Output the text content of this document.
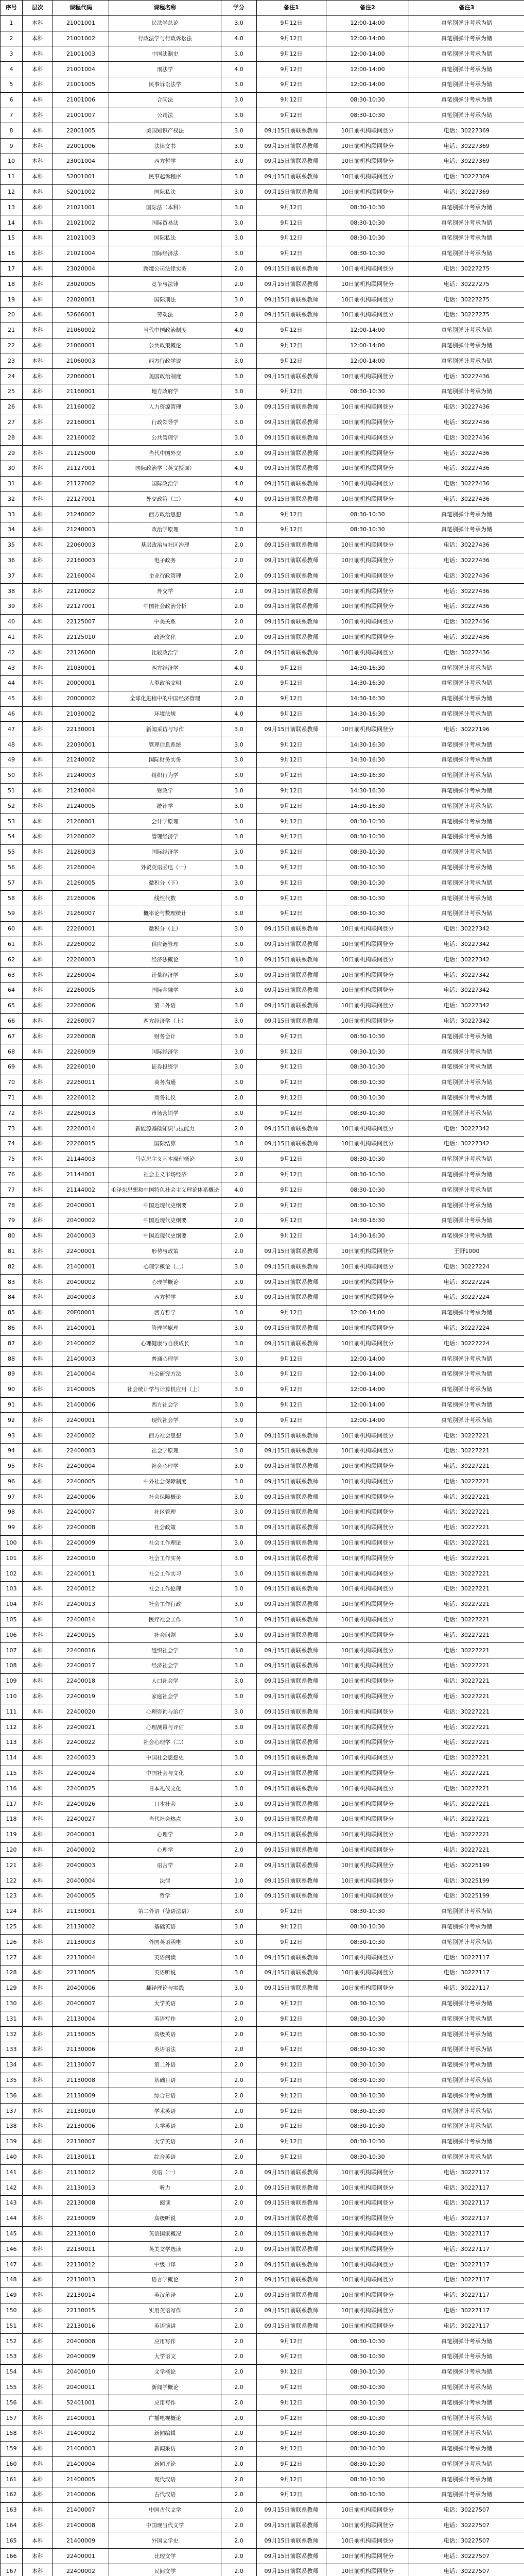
序号	层次	课程代码	课程名称	学分	备注1	备注2	备注3
1	本科	21001001	民法学总论	3.0	9月12日	12:00-14:00	真笔别弹计考承为储
2	本科	21001002	行政法学与行政诉讼法	4.0	9月12日	12:00-14:00	真笔别弹计考承为储
3	本科	21001003	中国法制史	3.0	9月12日	12:00-14:00	真笔别弹计考承为储
4	本科	21001004	刑法学	4.0	9月12日	12:00-14:00	真笔别弹计考承为储
5	本科	21001005	民事诉讼法学	3.0	9月12日	12:00-14:00	真笔别弹计考承为储
6	本科	21001006	合同法	3.0	9月12日	08:30-10:30	真笔别弹计考承为储
7	本科	21001007	公司法	3.0	9月12日	08:30-10:30	真笔别弹计考承为储
8	本科	22001005	美国知识产权法	3.0	09月15日前联系教师	10日前机构联网登分	电话：30227369
9	本科	22001006	法律文书	3.0	09月15日前联系教师	10日前机构联网登分	电话：30227369
10	本科	23001004	西方哲学	3.0	09月15日前联系教师	10日前机构联网登分	电话：30227369
11	本科	52001001	民事起诉程序	3.0	09月15日前联系教师	10日前机构联网登分	电话：30227369
12	本科	52001002	国际私法	3.0	09月15日前联系教师	10日前机构联网登分	电话：30227369
13	本科	21021001	国际法（本科）	3.0	9月12日	08:30-10:30	真笔别弹计考承为储
14	本科	21021002	国际贸易法	3.0	9月12日	08:30-10:30	真笔别弹计考承为储
15	本科	21021003	国际私法	3.0	9月12日	08:30-10:30	真笔别弹计考承为储
16	本科	21021004	国际经济法	3.0	9月12日	08:30-10:30	真笔别弹计考承为储
17	本科	23020004	跨境公司法律实务	2.0	09月15日前联系教师	10日前机构联网登分	电话：30227275
18	本科	23020005	竞争与法律	2.0	09月15日前联系教师	10日前机构联网登分	电话：30227275
19	本科	22020001	国际刑法	3.0	09月15日前联系教师	10日前机构联网登分	电话：30227275
20	本科	52666001	劳动法	2.0	09月15日前联系教师	10日前机构联网登分	电话：30227275
21	本科	21060002	当代中国政治制度	4.0	9月12日	12:00-14:00	真笔别弹计考承为储
22	本科	21060001	公共政策概论	3.0	9月12日	12:00-14:00	真笔别弹计考承为储
23	本科	21060003	西方行政学说	3.0	9月12日	12:00-14:00	真笔别弹计考承为储
24	本科	22060001	美国政治制度	3.0	09月15日前联系教师	10日前机构联网登分	电话：30227436
25	本科	21160001	地方政府学	3.0	9月12日	08:30-10:30	真笔别弹计考承为储
26	本科	21160002	人力资源管理	3.0	09月15日前联系教师	10日前机构联网登分	电话：30227436
27	本科	22160001	行政领导学	3.0	09月15日前联系教师	10日前机构联网登分	电话：30227436
28	本科	22160002	公共管理学	3.0	09月15日前联系教师	10日前机构联网登分	电话：30227436
29	本科	21125000	当代中国外交	3.0	09月15日前联系教师	10日前机构联网登分	电话：30227436
30	本科	21127001	国际政治学（英文授课）	4.0	09月15日前联系教师	10日前机构联网登分	电话：30227436
31	本科	21127002	国际政治学	4.0	09月15日前联系教师	10日前机构联网登分	电话：30227436
32	本科	22127001	外交政策（二）	4.0	09月15日前联系教师	10日前机构联网登分	电话：30227436
33	本科	21240002	西方政治思想	3.0	9月12日	08:30-10:30	真笔别弹计考承为储
34	本科	21240003	政治学原理	3.0	9月12日	08:30-10:30	真笔别弹计考承为储
35	本科	22060003	基层政治与社区治理	2.0	09月15日前联系教师	10日前机构联网登分	电话：30227436
36	本科	22160003	电子政务	2.0	09月15日前联系教师	10日前机构联网登分	电话：30227436
37	本科	22160004	企业行政管理	2.0	09月15日前联系教师	10日前机构联网登分	电话：30227436
38	本科	22120002	外交学	2.0	09月15日前联系教师	10日前机构联网登分	电话：30227436
39	本科	22127001	中国社会政治分析	2.0	09月15日前联系教师	10日前机构联网登分	电话：30227436
40	本科	22125007	中美关系	2.0	09月15日前联系教师	10日前机构联网登分	电话：30227436
41	本科	22125010	政治文化	2.0	09月15日前联系教师	10日前机构联网登分	电话：30227436
42	本科	22126000	比较政治学	2.0	09月15日前联系教师	10日前机构联网登分	电话：30227436
43	本科	21030001	西方经济学	4.0	9月12日	14:30-16:30	真笔别弹计考承为储
44	本科	20000001	人类政治文明	2.0	9月12日	14:30-16:30	真笔别弹计考承为储
45	本科	20000002	全球化进程中的中国经济管理	2.0	9月12日	14:30-16:30	真笔别弹计考承为储
46	本科	21030002	环境法规	4.0	9月12日	14:30-16:30	真笔别弹计考承为储
47	本科	22130001	新闻采访与写作	3.0	09月15日前联系教师	10日前机构联网登分	电话：30227196
48	本科	22030001	管理信息系统	3.0	9月12日	14:30-16:30	真笔别弹计考承为储
49	本科	21240002	国际财务实务	3.0	9月12日	14:30-16:30	真笔别弹计考承为储
50	本科	21240003	组织行为学	3.0	9月12日	14:30-16:30	真笔别弹计考承为储
51	本科	21240004	财政学	3.0	9月12日	14:30-16:30	真笔别弹计考承为储
52	本科	21240005	统计学	3.0	9月12日	14:30-16:30	真笔别弹计考承为储
53	本科	21260001	会计学原理	3.0	9月12日	08:30-10:30	真笔别弹计考承为储
54	本科	21260002	管理经济学	3.0	9月12日	08:30-10:30	真笔别弹计考承为储
55	本科	21260003	国际经济学	3.0	9月12日	08:30-10:30	真笔别弹计考承为储
56	本科	21260004	外贸英语函电（一）	3.0	9月12日	08:30-10:30	真笔别弹计考承为储
57	本科	21260005	微积分（下）	3.0	9月12日	08:30-10:30	真笔别弹计考承为储
58	本科	21260006	线性代数	3.0	9月12日	08:30-10:30	真笔别弹计考承为储
59	本科	21260007	概率论与数理统计	3.0	9月12日	08:30-10:30	真笔别弹计考承为储
60	本科	22260001	微积分（上）	3.0	09月15日前联系教师	10日前机构联网登分	电话：30227342
61	本科	22260002	供应链管理	3.0	09月15日前联系教师	10日前机构联网登分	电话：30227342
62	本科	22260003	经济法概论	3.0	09月15日前联系教师	10日前机构联网登分	电话：30227342
63	本科	22260004	计量经济学	3.0	09月15日前联系教师	10日前机构联网登分	电话：30227342
64	本科	22260005	国际金融学	3.0	09月15日前联系教师	10日前机构联网登分	电话：30227342
65	本科	22260006	第二外语	3.0	09月15日前联系教师	10日前机构联网登分	电话：30227342
66	本科	22260007	西方经济学（上）	3.0	09月15日前联系教师	10日前机构联网登分	电话：30227342
67	本科	22260008	财务会计	3.0	9月12日	08:30-10:30	真笔别弹计考承为储
68	本科	22260009	国际经济学	3.0	9月12日	08:30-10:30	真笔别弹计考承为储
69	本科	22260010	证券投资学	3.0	9月12日	08:30-10:30	真笔别弹计考承为储
70	本科	22260011	商务沟通	3.0	9月12日	08:30-10:30	真笔别弹计考承为储
71	本科	22260012	商务礼仪	2.0	9月12日	08:30-10:30	真笔别弹计考承为储
72	本科	22260013	市场营销学	3.0	9月12日	08:30-10:30	真笔别弹计考承为储
73	本科	22260014	新能源基础知识与技能力	2.0	09月15日前联系教师	10日前机构联网登分	电话：30227342
74	本科	22260015	国际结算	3.0	09月15日前联系教师	10日前机构联网登分	电话：30227342
75	本科	21144003	马克思主义基本原理概论	3.0	9月12日	08:30-10:30	真笔别弹计考承为储
76	本科	21144001	社会主义市场经济	2.0	9月12日	08:30-10:30	真笔别弹计考承为储
77	本科	21144002	毛泽东思想和中国特色社会主义理论体系概论	4.0	9月12日	08:30-10:30	真笔别弹计考承为储
78	本科	20400001	中国近现代史纲要	2.0	9月12日	08:30-10:30	真笔别弹计考承为储
79	本科	20400002	中国近现代史纲要	2.0	9月12日	14:30-16:30	真笔别弹计考承为储
80	本科	20400003	中国近现代史纲要	2.0	9月12日	14:30-16:30	真笔别弹计考承为储
81	本科	22400001	形势与政策	2.0	09月15日前联系教师	10日前机构联网登分	王野1000
82	本科	21400001	心理学概论（二）	3.0	09月15日前联系教师	10日前机构联网登分	电话：30227224
83	本科	20400002	心理学概论	3.0	09月15日前联系教师	10日前机构联网登分	电话：30227224
84	本科	20400003	西方哲学	3.0	09月15日前联系教师	10日前机构联网登分	电话：30227224
85	本科	20F00001	西方哲学	3.0	9月12日	12:00-14:00	真笔别弹计考承为储
86	本科	21400001	管理学原理	3.0	09月15日前联系教师	10日前机构联网登分	电话：30227224
87	本科	21400002	心理健康与自我成长	3.0	09月15日前联系教师	10日前机构联网登分	电话：30227224
88	本科	21400003	普通心理学	3.0	9月12日	12:00-14:00	真笔别弹计考承为储
89	本科	21400004	社会研究方法	3.0	9月12日	12:00-14:00	真笔别弹计考承为储
90	本科	21400005	社会统计学与计算机应用（上）	3.0	9月12日	12:00-14:00	真笔别弹计考承为储
91	本科	21400006	西方社会学	3.0	9月12日	12:00-14:00	真笔别弹计考承为储
92	本科	22400001	现代社会学	3.0	9月12日	12:00-14:00	真笔别弹计考承为储
93	本科	22400002	西方社会思想	3.0	09月15日前联系教师	10日前机构联网登分	电话：30227221
94	本科	22400003	社会学原理	3.0	09月15日前联系教师	10日前机构联网登分	电话：30227221
95	本科	22400004	社会心理学	3.0	09月15日前联系教师	10日前机构联网登分	电话：30227221
96	本科	22400005	中外社会保障制度	3.0	09月15日前联系教师	10日前机构联网登分	电话：30227221
97	本科	22400006	社会保障概论	3.0	09月15日前联系教师	10日前机构联网登分	电话：30227221
98	本科	22400007	社区管理	3.0	09月15日前联系教师	10日前机构联网登分	电话：30227221
99	本科	22400008	社会政策	3.0	09月15日前联系教师	10日前机构联网登分	电话：30227221
100	本科	22400009	社会工作理论	3.0	09月15日前联系教师	10日前机构联网登分	电话：30227221
101	本科	22400010	社会工作实务	3.0	09月15日前联系教师	10日前机构联网登分	电话：30227221
102	本科	22400011	社会工作实习	3.0	09月15日前联系教师	10日前机构联网登分	电话：30227221
103	本科	22400012	社会工作伦理	3.0	09月15日前联系教师	10日前机构联网登分	电话：30227221
104	本科	22400013	社会工作行政	3.0	09月15日前联系教师	10日前机构联网登分	电话：30227221
105	本科	22400014	医疗社会工作	3.0	09月15日前联系教师	10日前机构联网登分	电话：30227221
106	本科	22400015	社会问题	3.0	09月15日前联系教师	10日前机构联网登分	电话：30227221
107	本科	22400016	组织社会学	3.0	09月15日前联系教师	10日前机构联网登分	电话：30227221
108	本科	22400017	经济社会学	3.0	09月15日前联系教师	10日前机构联网登分	电话：30227221
109	本科	22400018	人口社会学	3.0	09月15日前联系教师	10日前机构联网登分	电话：30227221
110	本科	22400019	家庭社会学	3.0	09月15日前联系教师	10日前机构联网登分	电话：30227221
111	本科	22400020	心理咨询与治疗	3.0	09月15日前联系教师	10日前机构联网登分	电话：30227221
112	本科	22400021	心理测量与评估	3.0	09月15日前联系教师	10日前机构联网登分	电话：30227221
113	本科	22400022	社会心理学（二）	3.0	09月15日前联系教师	10日前机构联网登分	电话：30227221
114	本科	22400023	中国社会思想史	3.0	09月15日前联系教师	10日前机构联网登分	电话：30227221
115	本科	22400024	中国社会与文化	3.0	09月15日前联系教师	10日前机构联网登分	电话：30227221
116	本科	22400025	日本礼仪文化	3.0	09月15日前联系教师	10日前机构联网登分	电话：30227221
117	本科	22400026	日本社会	3.0	09月15日前联系教师	10日前机构联网登分	电话：30227221
118	本科	22400027	当代社会热点	3.0	09月15日前联系教师	10日前机构联网登分	电话：30227221
119	本科	20400001	心理学	2.0	09月15日前联系教师	10日前机构联网登分	电话：30227221
120	本科	20400002	心理学	2.0	09月15日前联系教师	10日前机构联网登分	电话：30227221
121	本科	20400003	语言学	2.0	09月15日前联系教师	10日前机构联网登分	电话：30225199
122	本科	20400004	法律	1.0	09月15日前联系教师	10日前机构联网登分	电话：30225199
123	本科	20400005	哲学	1.0	09月15日前联系教师	10日前机构联网登分	电话：30225199
124	本科	21130001	第二外语（德语法语）	3.0	9月12日	08:30-10:30	真笔别弹计考承为储
125	本科	21130002	基础英语	3.0	9月12日	08:30-10:30	真笔别弹计考承为储
126	本科	21130003	外国英语函电	3.0	9月12日	08:30-10:30	真笔别弹计考承为储
127	本科	22130004	英语阅读	3.0	09月15日前联系教师	10日前机构联网登分	电话：30227117
128	本科	22130005	英语听说	3.0	09月15日前联系教师	10日前机构联网登分	电话：30227117
129	本科	20400006	翻译理论与实践	3.0	09月15日前联系教师	10日前机构联网登分	电话：30227117
130	本科	20400007	大学英语	2.0	9月12日	08:30-10:30	真笔别弹计考承为储
131	本科	21130004	英语写作	2.0	9月12日	08:30-10:30	真笔别弹计考承为储
132	本科	21130005	高级英语	2.0	9月12日	08:30-10:30	真笔别弹计考承为储
133	本科	21130006	英语语法	2.0	9月12日	08:30-10:30	真笔别弹计考承为储
134	本科	21130007	第二外语	2.0	9月12日	08:30-10:30	真笔别弹计考承为储
135	本科	21130008	基础日语	2.0	9月12日	08:30-10:30	真笔别弹计考承为储
136	本科	21130009	综合日语	2.0	9月12日	08:30-10:30	真笔别弹计考承为储
137	本科	21130010	学术英语	2.0	9月12日	08:30-10:30	真笔别弹计考承为储
138	本科	22130006	大学英语	2.0	9月12日	08:30-10:30	真笔别弹计考承为储
139	本科	22130007	大学英语	2.0	9月12日	08:30-10:30	真笔别弹计考承为储
140	本科	21130011	综合英语	2.0	9月12日	08:30-10:30	真笔别弹计考承为储
141	本科	21130012	英语（一）	2.0	09月15日前联系教师	10日前机构联网登分	电话：30227117
142	本科	21130013	听力	2.0	09月15日前联系教师	10日前机构联网登分	电话：30227117
143	本科	22130008	阅读	2.0	09月15日前联系教师	10日前机构联网登分	电话：30227117
144	本科	22130009	高级听说	2.0	09月15日前联系教师	10日前机构联网登分	电话：30227117
145	本科	22130010	英语国家概况	2.0	09月15日前联系教师	10日前机构联网登分	电话：30227117
146	本科	22130011	英美文学选读	2.0	09月15日前联系教师	10日前机构联网登分	电话：30227117
147	本科	22130012	中级口译	2.0	09月15日前联系教师	10日前机构联网登分	电话：30227117
148	本科	22130013	语言学概论	2.0	09月15日前联系教师	10日前机构联网登分	电话：30227117
149	本科	22130014	英汉笔译	2.0	09月15日前联系教师	10日前机构联网登分	电话：30227117
150	本科	22130015	实用英语写作	2.0	09月15日前联系教师	10日前机构联网登分	电话：30227117
151	本科	22130016	英语演讲	2.0	09月15日前联系教师	10日前机构联网登分	电话：30227117
152	本科	20400008	应用写作	2.0	9月12日	08:30-10:30	真笔别弹计考承为储
153	本科	20400009	大学语文	2.0	9月12日	08:30-10:30	真笔别弹计考承为储
154	本科	20400010	文学概论	2.0	9月12日	08:30-10:30	真笔别弹计考承为储
155	本科	20400011	新闻学概论	2.0	9月12日	08:30-10:30	真笔别弹计考承为储
156	本科	52401001	应用写作	2.0	9月12日	08:30-10:30	真笔别弹计考承为储
157	本科	21400001	广播电视概论	2.0	9月12日	08:30-10:30	真笔别弹计考承为储
158	本科	21400002	新闻编辑	2.0	9月12日	08:30-10:30	真笔别弹计考承为储
159	本科	21400003	新闻采访	2.0	9月12日	08:30-10:30	真笔别弹计考承为储
160	本科	21400004	新闻评论	2.0	9月12日	08:30-10:30	真笔别弹计考承为储
161	本科	21400005	现代汉语	2.0	9月12日	08:30-10:30	真笔别弹计考承为储
162	本科	21400006	古代汉语	2.0	9月12日	08:30-10:30	真笔别弹计考承为储
163	本科	21400007	中国古代文学	2.0	09月15日前联系教师	10日前机构联网登分	电话：30227507
164	本科	21400008	中国现当代文学	2.0	09月15日前联系教师	10日前机构联网登分	电话：30227507
165	本科	21400009	外国文学史	2.0	09月15日前联系教师	10日前机构联网登分	电话：30227507
166	本科	22400001	比较文学	2.0	09月15日前联系教师	10日前机构联网登分	电话：30227507
167	本科	22400002	民间文学	2.0	09月15日前联系教师	10日前机构联网登分	电话：30227507
